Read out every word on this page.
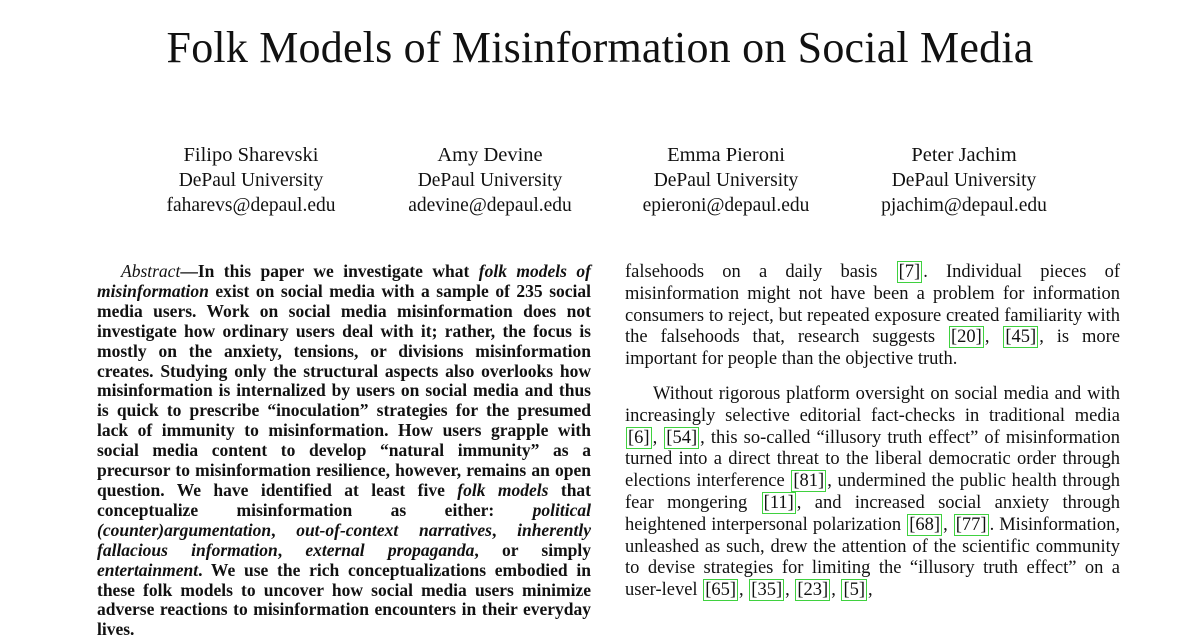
Folk Models of Misinformation on Social Media
Filipo Sharevski
DePaul University
faharevs@depaul.edu
Amy Devine
DePaul University
adevine@depaul.edu
Emma Pieroni
DePaul University
epieroni@depaul.edu
Peter Jachim
DePaul University
pjachim@depaul.edu
Abstract—In this paper we investigate what folk models of misinformation exist on social media with a sample of 235 social media users. Work on social media misinformation does not investigate how ordinary users deal with it; rather, the focus is mostly on the anxiety, tensions, or divisions misinformation creates. Studying only the structural aspects also overlooks how misinformation is internalized by users on social media and thus is quick to prescribe “inoculation” strategies for the presumed lack of immunity to misinformation. How users grapple with social media content to develop “natural immunity” as a precursor to misinformation resilience, however, remains an open question. We have identified at least five folk models that conceptualize misinformation as either: political (counter)argumentation, out-of-context narratives, inherently fallacious information, external propaganda, or simply entertainment. We use the rich conceptualizations embodied in these folk models to uncover how social media users minimize adverse reactions to misinformation encounters in their everyday lives.

falsehoods on a daily basis [7] . Individual pieces of misinformation might not have been a problem for information consumers to reject, but repeated exposure created familiarity with the falsehoods that, research suggests [20] , [45] , is more important for people than the objective truth.

Without rigorous platform oversight on social media and with increasingly selective editorial fact-checks in traditional media [6] , [54] , this so-called “illusory truth effect” of misinformation turned into a direct threat to the liberal democratic order through elections interference [81] , undermined the public health through fear mongering [11] , and increased social anxiety through heightened interpersonal polarization [68] , [77] . Misinformation, unleashed as such, drew the attention of the scientific community to devise strategies for limiting the “illusory truth effect” on a user-level [65] , [35] , [23] , [5] ,
